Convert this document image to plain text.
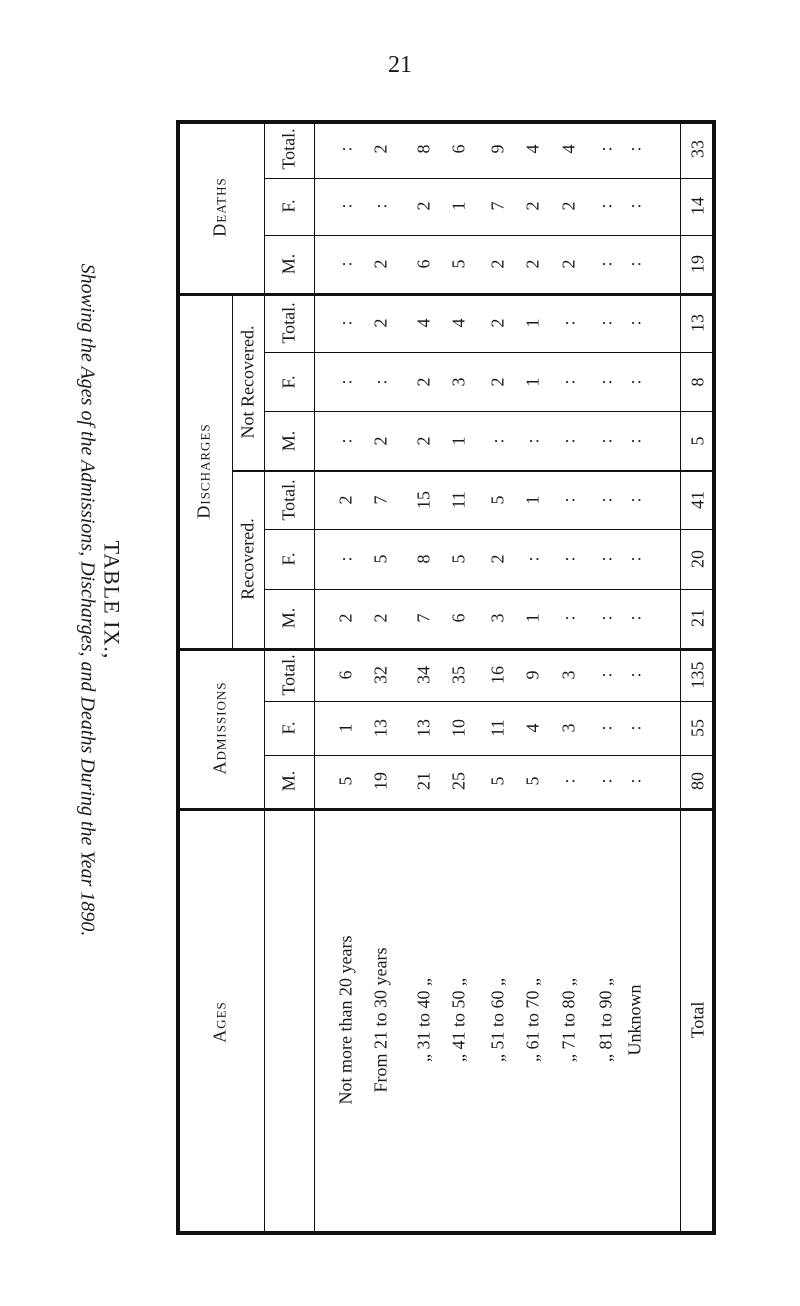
21
TABLE IX.,
Showing the Ages of the Admissions, Discharges, and Deaths During the Year 1890.
Deaths
Discharges
Not Recovered.
Recovered.
Admissions
Ages
Total. : 2 8 6 9 4 4 : : 33
F. : : 2 1 7 2 2 : : 14
M. : 2 6 5 2 2 2 : : 19
Total. : 2 4 4 2 1 : : : 13
F. : : 2 3 2 1 : : : 8
M. : 2 2 1 : : : : : 5
Total. 2 7 15 11 5 1 : : : 41
F. : 5 8 5 2 : : : : 20
M. 2 2 7 6 3 1 : : : 21
Total. 6 32 34 35 16 9 3 : : 135
F. 1 13 13 10 11 4 3 : : 55
M. 5 19 21 25 5 5 : : : 80
Not more than 20 years From 21 to 30 years „ 31 to 40 „ „ 41 to 50 „ „ 51 to 60 „ „ 61 to 70 „ „ 71 to 80 „ „ 81 to 90 „ Unknown Total
